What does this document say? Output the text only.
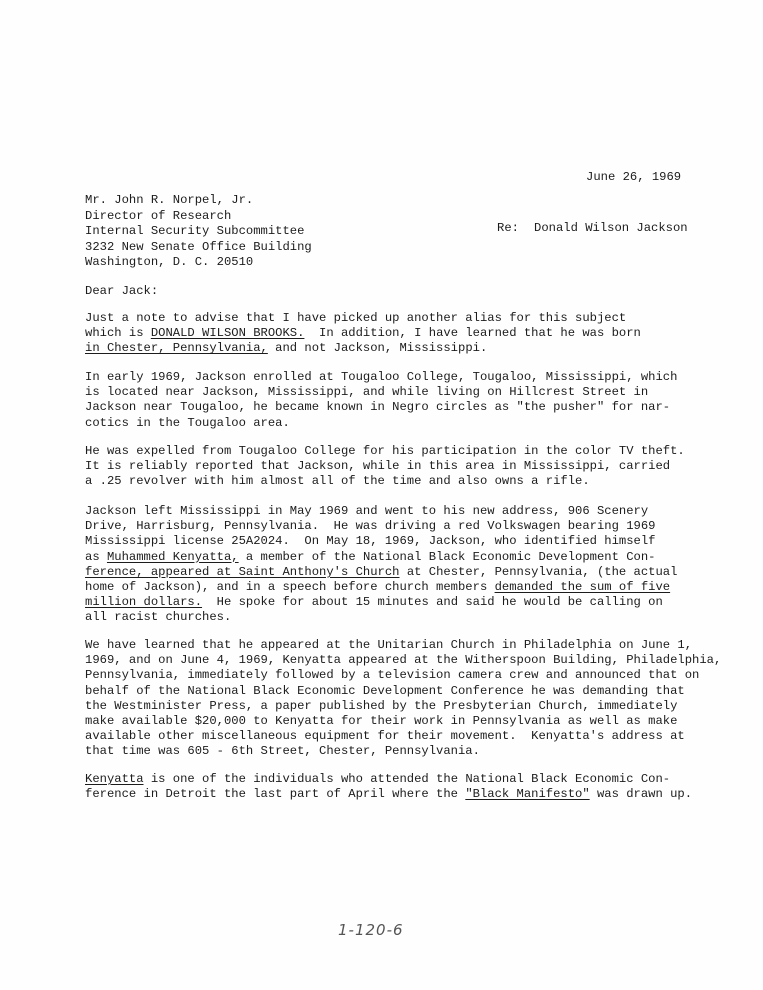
June 26, 1969
Mr. John R. Norpel, Jr.
Director of Research
Internal Security Subcommittee
3232 New Senate Office Building
Washington, D. C. 20510
Re: Donald Wilson Jackson
Dear Jack:
Just a note to advise that I have picked up another alias for this subject
which is DONALD WILSON BROOKS.  In addition, I have learned that he was born
in Chester, Pennsylvania, and not Jackson, Mississippi.
In early 1969, Jackson enrolled at Tougaloo College, Tougaloo, Mississippi, which
is located near Jackson, Mississippi, and while living on Hillcrest Street in
Jackson near Tougaloo, he became known in Negro circles as "the pusher" for nar-
cotics in the Tougaloo area.
He was expelled from Tougaloo College for his participation in the color TV theft.
It is reliably reported that Jackson, while in this area in Mississippi, carried
a .25 revolver with him almost all of the time and also owns a rifle.
Jackson left Mississippi in May 1969 and went to his new address, 906 Scenery
Drive, Harrisburg, Pennsylvania.  He was driving a red Volkswagen bearing 1969
Mississippi license 25A2024.  On May 18, 1969, Jackson, who identified himself
as Muhammed Kenyatta, a member of the National Black Economic Development Con-
ference, appeared at Saint Anthony's Church at Chester, Pennsylvania, (the actual
home of Jackson), and in a speech before church members demanded the sum of five
million dollars.  He spoke for about 15 minutes and said he would be calling on
all racist churches.
We have learned that he appeared at the Unitarian Church in Philadelphia on June 1,
1969, and on June 4, 1969, Kenyatta appeared at the Witherspoon Building, Philadelphia,
Pennsylvania, immediately followed by a television camera crew and announced that on
behalf of the National Black Economic Development Conference he was demanding that
the Westminister Press, a paper published by the Presbyterian Church, immediately
make available $20,000 to Kenyatta for their work in Pennsylvania as well as make
available other miscellaneous equipment for their movement.  Kenyatta's address at
that time was 605 - 6th Street, Chester, Pennsylvania.
Kenyatta is one of the individuals who attended the National Black Economic Con-
ference in Detroit the last part of April where the "Black Manifesto" was drawn up.
1-120-6
